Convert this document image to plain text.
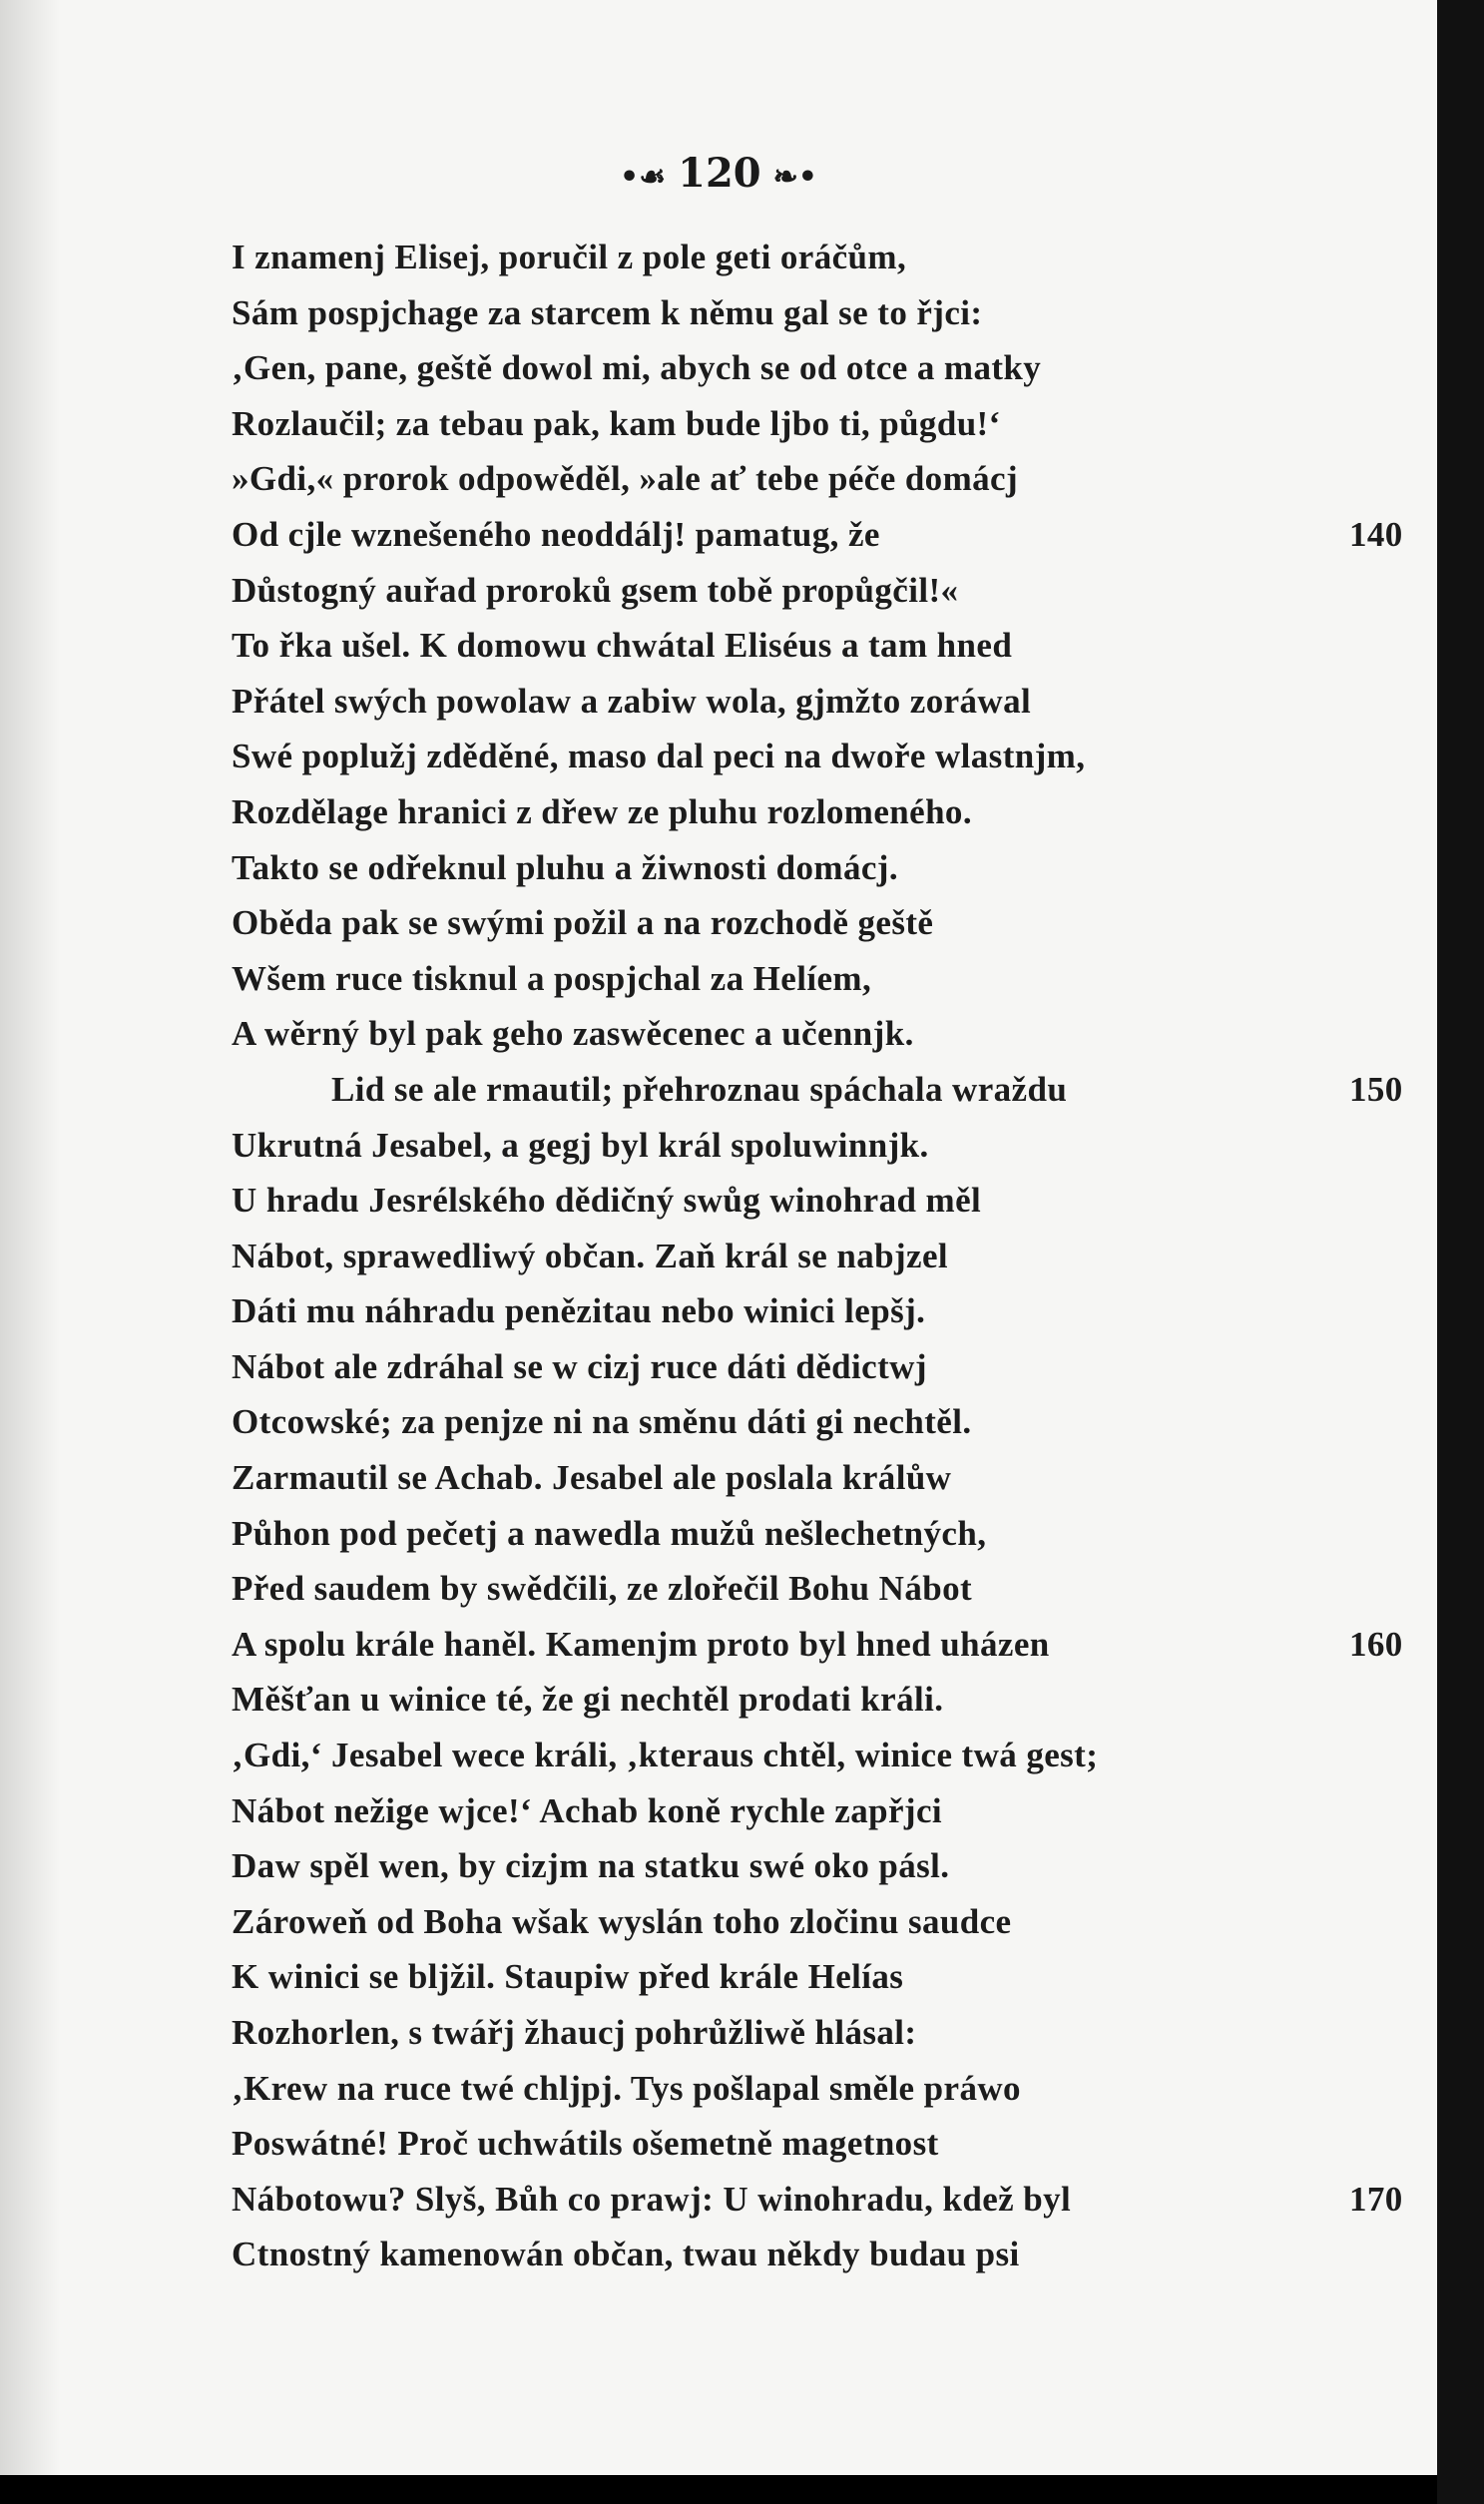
•☙ 120 ❧•
I znamenj Elisej, poručil z pole geti oráčům,
Sám pospjchage za starcem k němu gal se to řjci:
‚Gen, pane, geště dowol mi, abych se od otce a matky
Rozlaučil; za tebau pak, kam bude ljbo ti, půgdu!‘
»Gdi,« prorok odpowěděl, »ale ať tebe péče domácj
Od cjle wznešeného neoddálj! pamatug, že	140
Důstogný auřad proroků gsem tobě propůgčil!«
To řka ušel. K domowu chwátal Eliséus a tam hned
Přátel swých powolaw a zabiw wola, gjmžto zoráwal
Swé poplužj zděděné, maso dal peci na dwoře wlastnjm,
Rozdělage hranici z dřew ze pluhu rozlomeného.
Takto se odřeknul pluhu a žiwnosti domácj.
Oběda pak se swými požil a na rozchodě geště
Wšem ruce tisknul a pospjchal za Helíem,
A wěrný byl pak geho zaswěcenec a učennjk.
Lid se ale rmautil; přehroznau spáchala wraždu	150
Ukrutná Jesabel, a gegj byl král spoluwinnjk.
U hradu Jesrélského dědičný swůg winohrad měl
Nábot, sprawedliwý občan. Zaň král se nabjzel
Dáti mu náhradu penězitau nebo winici lepšj.
Nábot ale zdráhal se w cizj ruce dáti dědictwj
Otcowské; za penjze ni na směnu dáti gi nechtěl.
Zarmautil se Achab. Jesabel ale poslala králůw
Půhon pod pečetj a nawedla mužů nešlechetných,
Před saudem by swědčili, ze zlořečil Bohu Nábot
A spolu krále haněl. Kamenjm proto byl hned uházen	160
Měšťan u winice té, že gi nechtěl prodati králi.
‚Gdi,‘ Jesabel wece králi, ‚kteraus chtěl, winice twá gest;
Nábot nežige wjce!‘ Achab koně rychle zapřjci
Daw spěl wen, by cizjm na statku swé oko pásl.
Zároweň od Boha wšak wyslán toho zločinu saudce
K winici se bljžil. Staupiw před krále Helías
Rozhorlen, s twářj žhaucj pohrůžliwě hlásal:
‚Krew na ruce twé chljpj. Tys pošlapal směle práwo
Poswátné! Proč uchwátils ošemetně magetnost
Nábotowu? Slyš, Bůh co prawj: U winohradu, kdež byl	170
Ctnostný kamenowán občan, twau někdy budau psi
